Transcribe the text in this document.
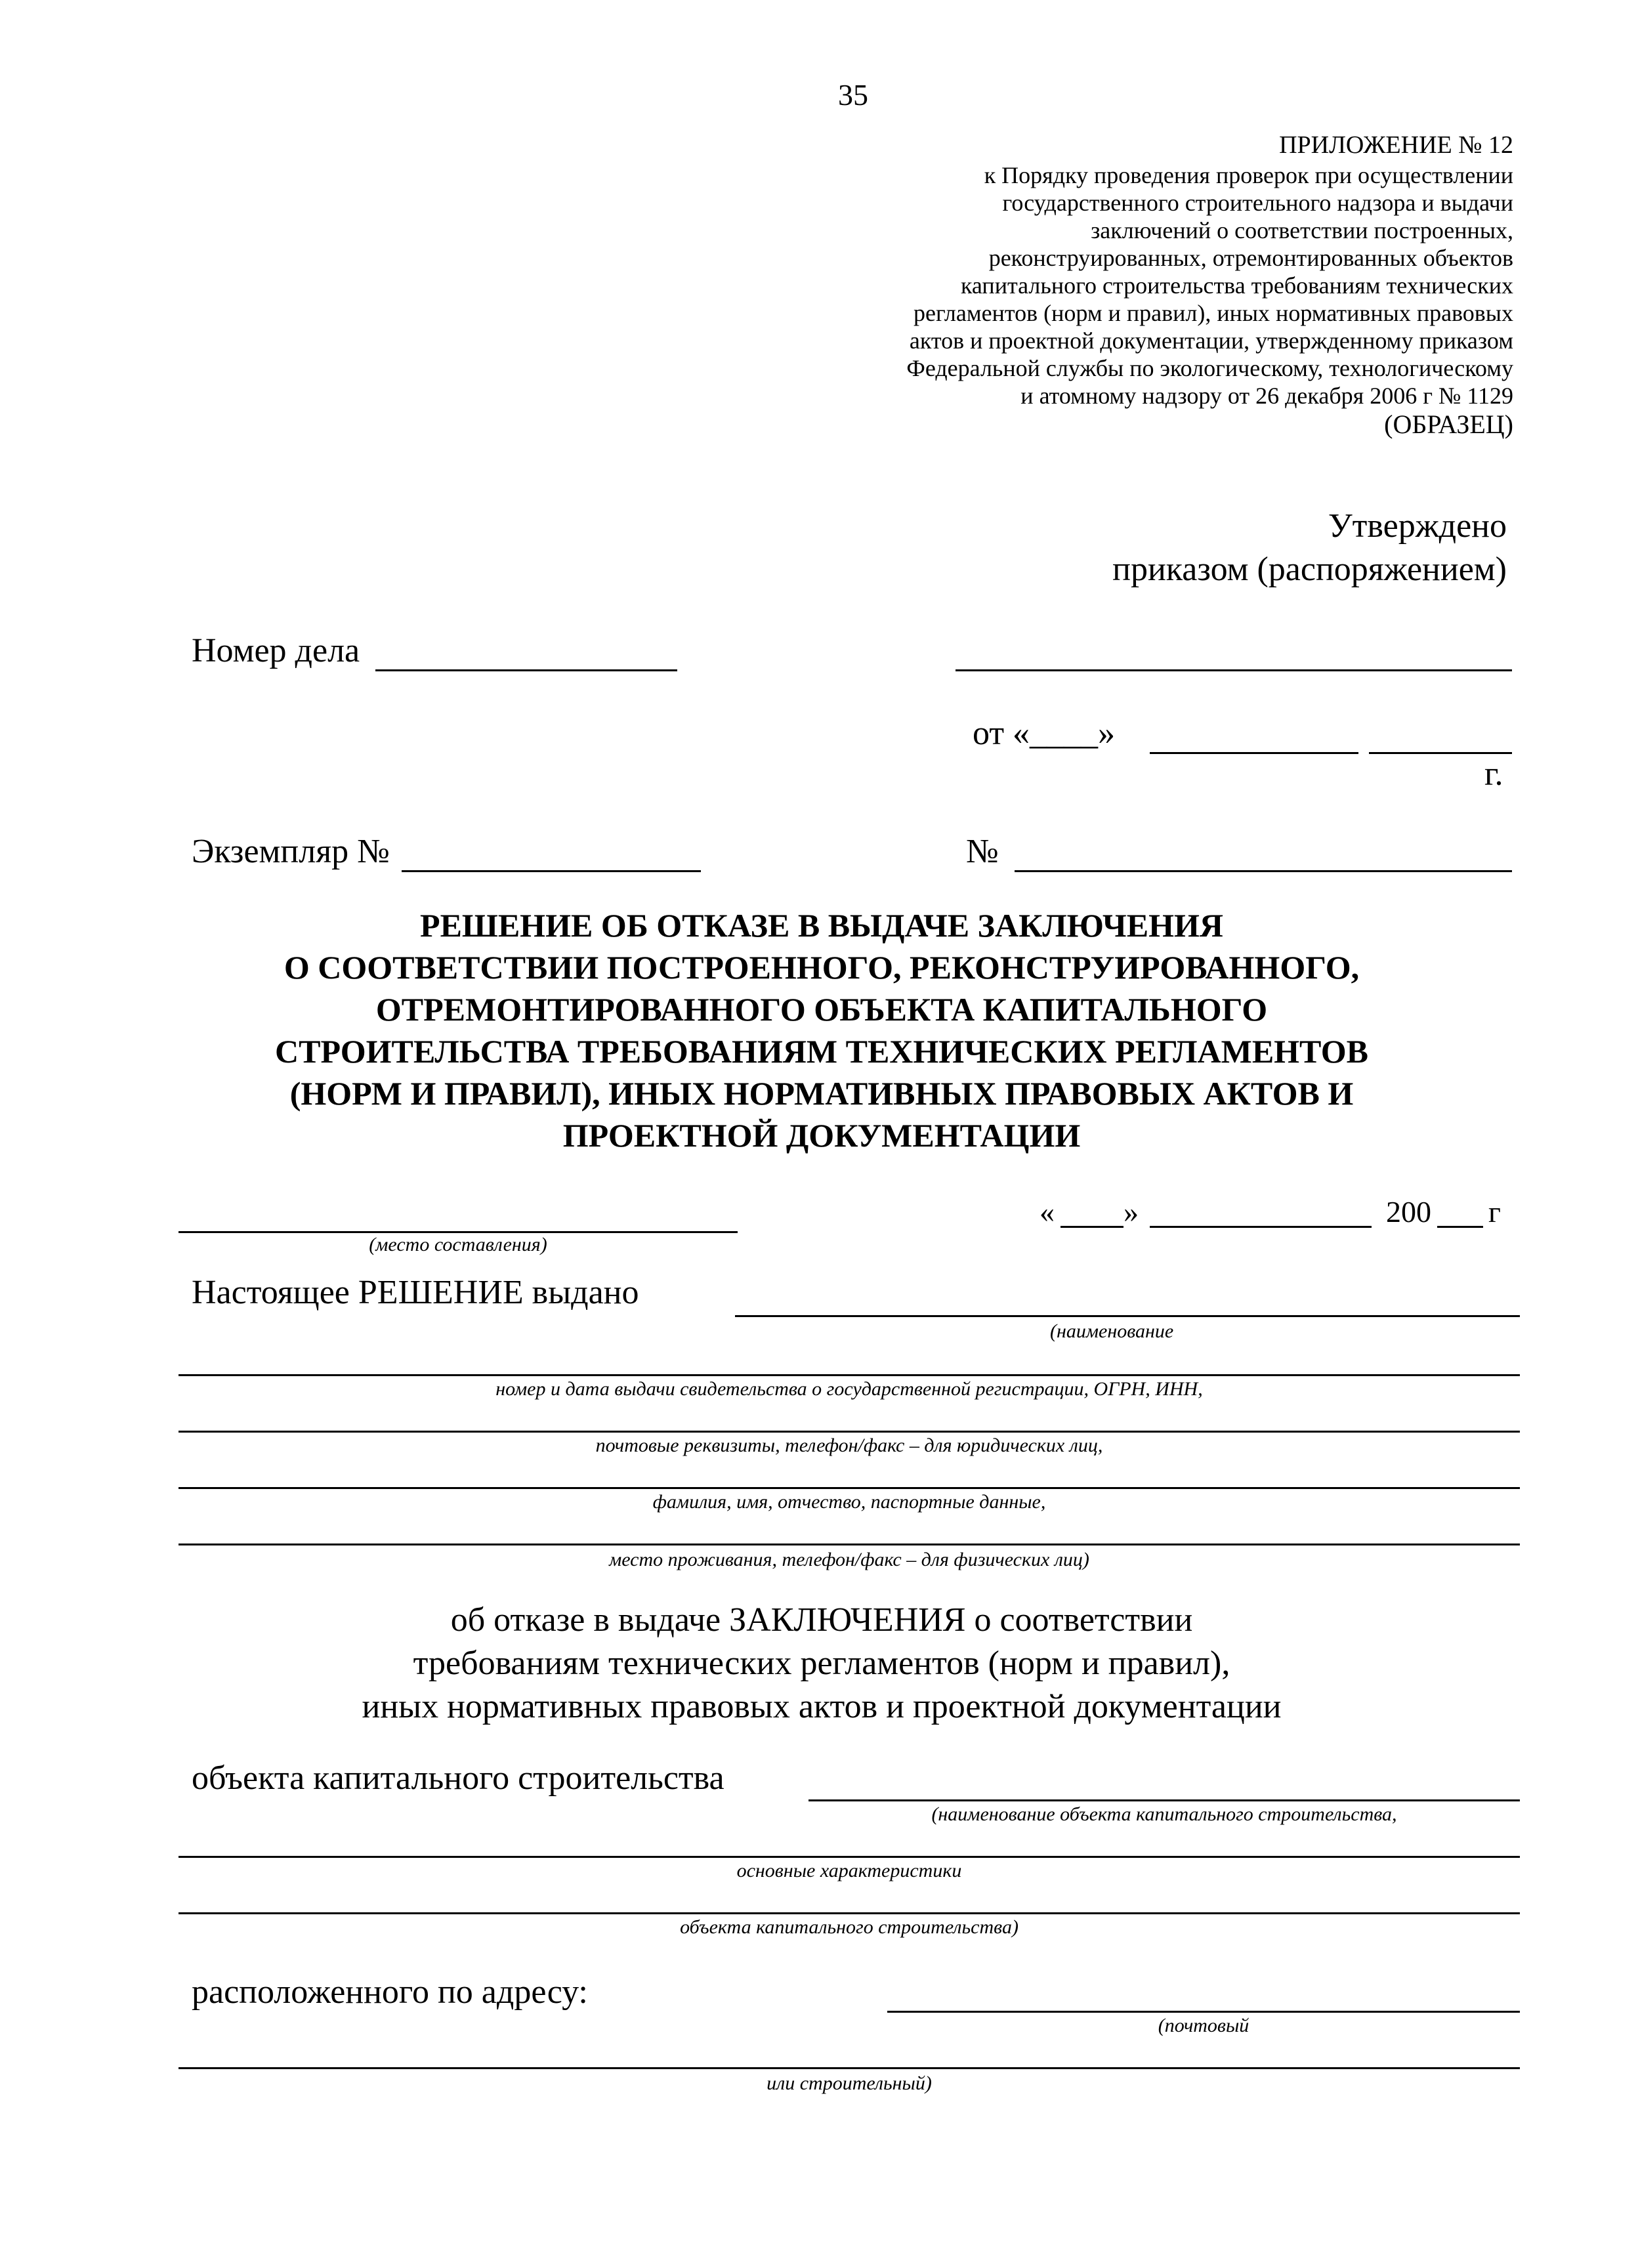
35
ПРИЛОЖЕНИЕ № 12
к Порядку проведения проверок при осуществлении
государственного строительного надзора и выдачи
заключений о соответствии построенных,
реконструированных, отремонтированных объектов
капитального строительства требованиям технических
регламентов (норм и правил), иных нормативных правовых
актов и проектной документации, утвержденному приказом
Федеральной службы по экологическому, технологическому
и атомному надзору от 26 декабря 2006 г № 1129
(ОБРАЗЕЦ)
Утверждено
приказом (распоряжением)
Номер дела
от «____»
г.
Экземпляр №	№
РЕШЕНИЕ ОБ ОТКАЗЕ В ВЫДАЧЕ ЗАКЛЮЧЕНИЯ
О СООТВЕТСТВИИ ПОСТРОЕННОГО, РЕКОНСТРУИРОВАННОГО,
ОТРЕМОНТИРОВАННОГО ОБЪЕКТА КАПИТАЛЬНОГО
СТРОИТЕЛЬСТВА ТРЕБОВАНИЯМ ТЕХНИЧЕСКИХ РЕГЛАМЕНТОВ
(НОРМ И ПРАВИЛ), ИНЫХ НОРМАТИВНЫХ ПРАВОВЫХ АКТОВ И
ПРОЕКТНОЙ ДОКУМЕНТАЦИИ
(место составления)
« »	200 г
Настоящее РЕШЕНИЕ выдано
(наименование
номер и дата выдачи свидетельства о государственной регистрации, ОГРН, ИНН,
почтовые реквизиты, телефон/факс – для юридических лиц,
фамилия, имя, отчество, паспортные данные,
место проживания, телефон/факс – для физических лиц)
об отказе в выдаче ЗАКЛЮЧЕНИЯ о соответствии
требованиям технических регламентов (норм и правил),
иных нормативных правовых актов и проектной документации
объекта капитального строительства
(наименование объекта капитального строительства,
основные характеристики
объекта капитального строительства)
расположенного по адресу:
(почтовый
или строительный)
